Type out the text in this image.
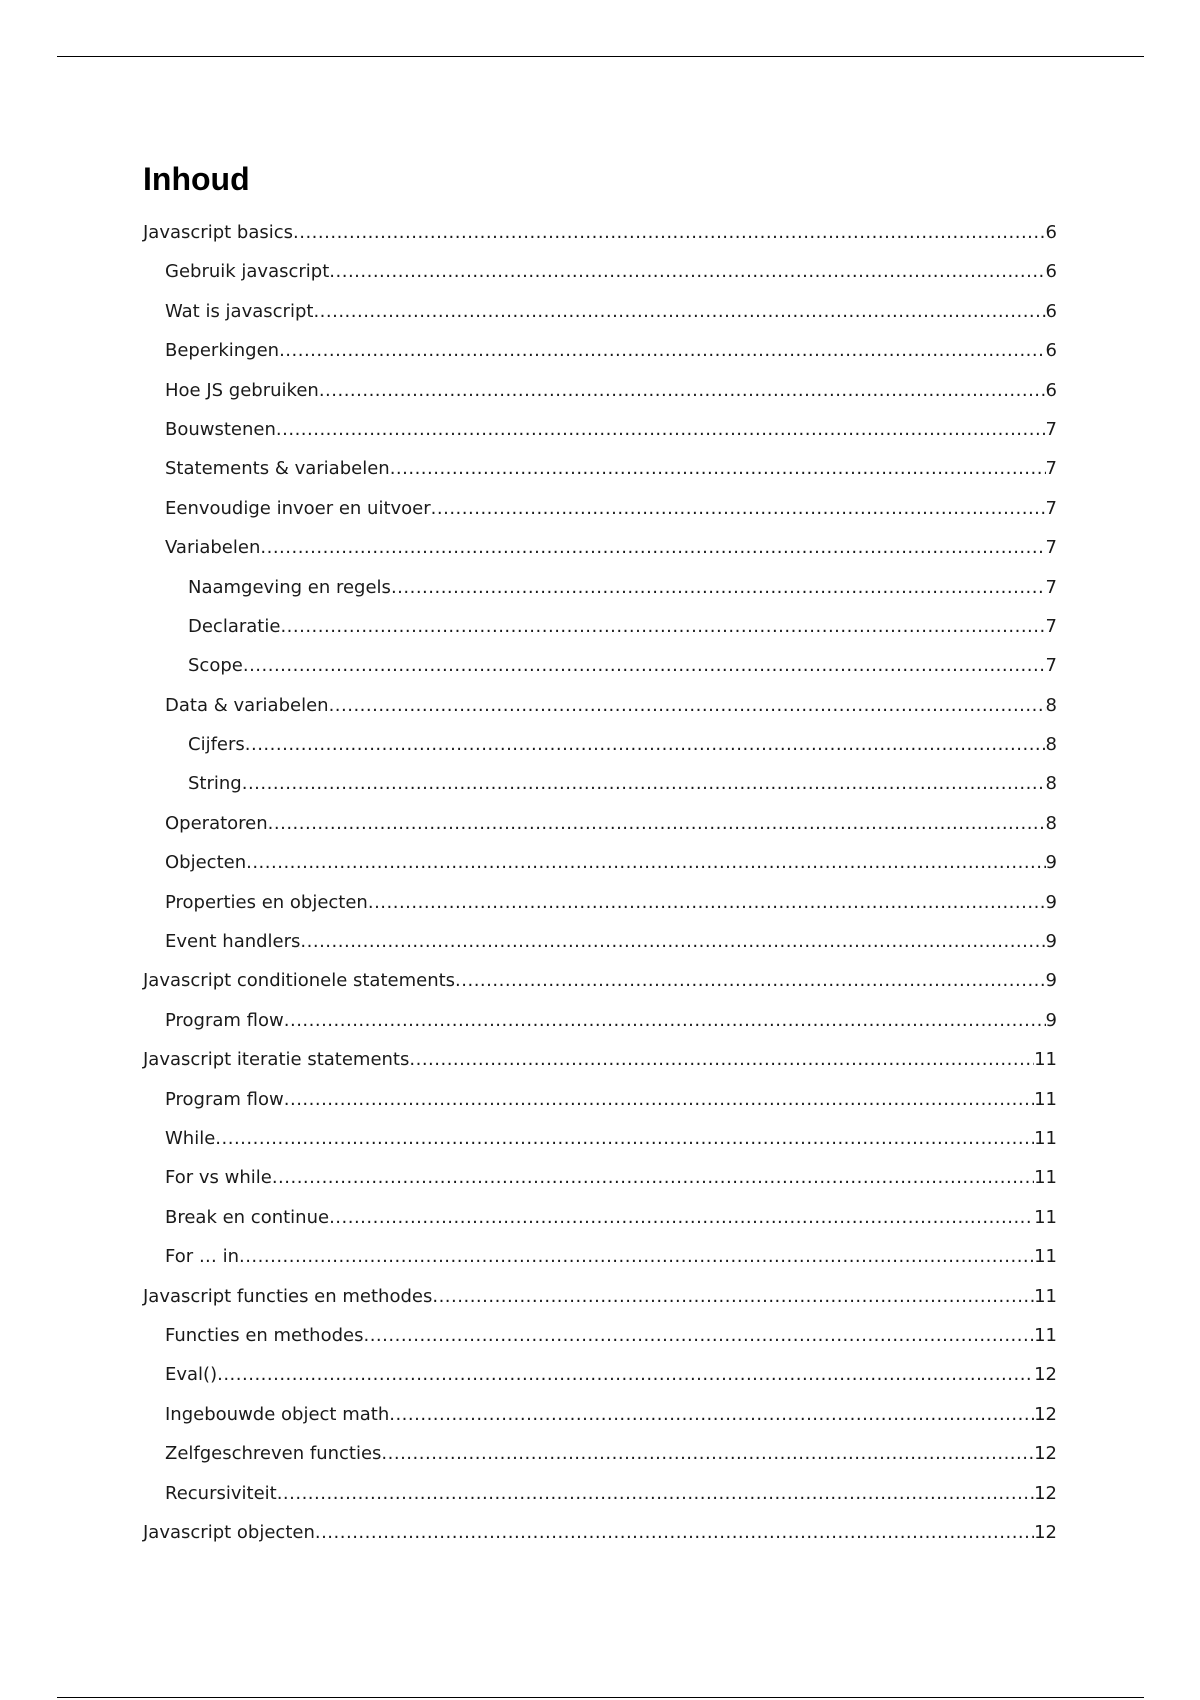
Inhoud
Javascript basics .....	6
Gebruik javascript .....	6
Wat is javascript .....	6
Beperkingen .....	6
Hoe JS gebruiken .....	6
Bouwstenen .....	7
Statements & variabelen .....	7
Eenvoudige invoer en uitvoer .....	7
Variabelen .....	7
Naamgeving en regels .....	7
Declaratie .....	7
Scope .....	7
Data & variabelen .....	8
Cijfers .....	8
String .....	8
Operatoren .....	8
Objecten .....	9
Properties en objecten .....	9
Event handlers .....	9
Javascript conditionele statements .....	9
Program flow .....	9
Javascript iteratie statements .....	11
Program flow .....	11
While .....	11
For vs while .....	11
Break en continue .....	11
For … in .....	11
Javascript functies en methodes .....	11
Functies en methodes .....	11
Eval() .....	12
Ingebouwde object math .....	12
Zelfgeschreven functies .....	12
Recursiviteit .....	12
Javascript objecten .....	12
